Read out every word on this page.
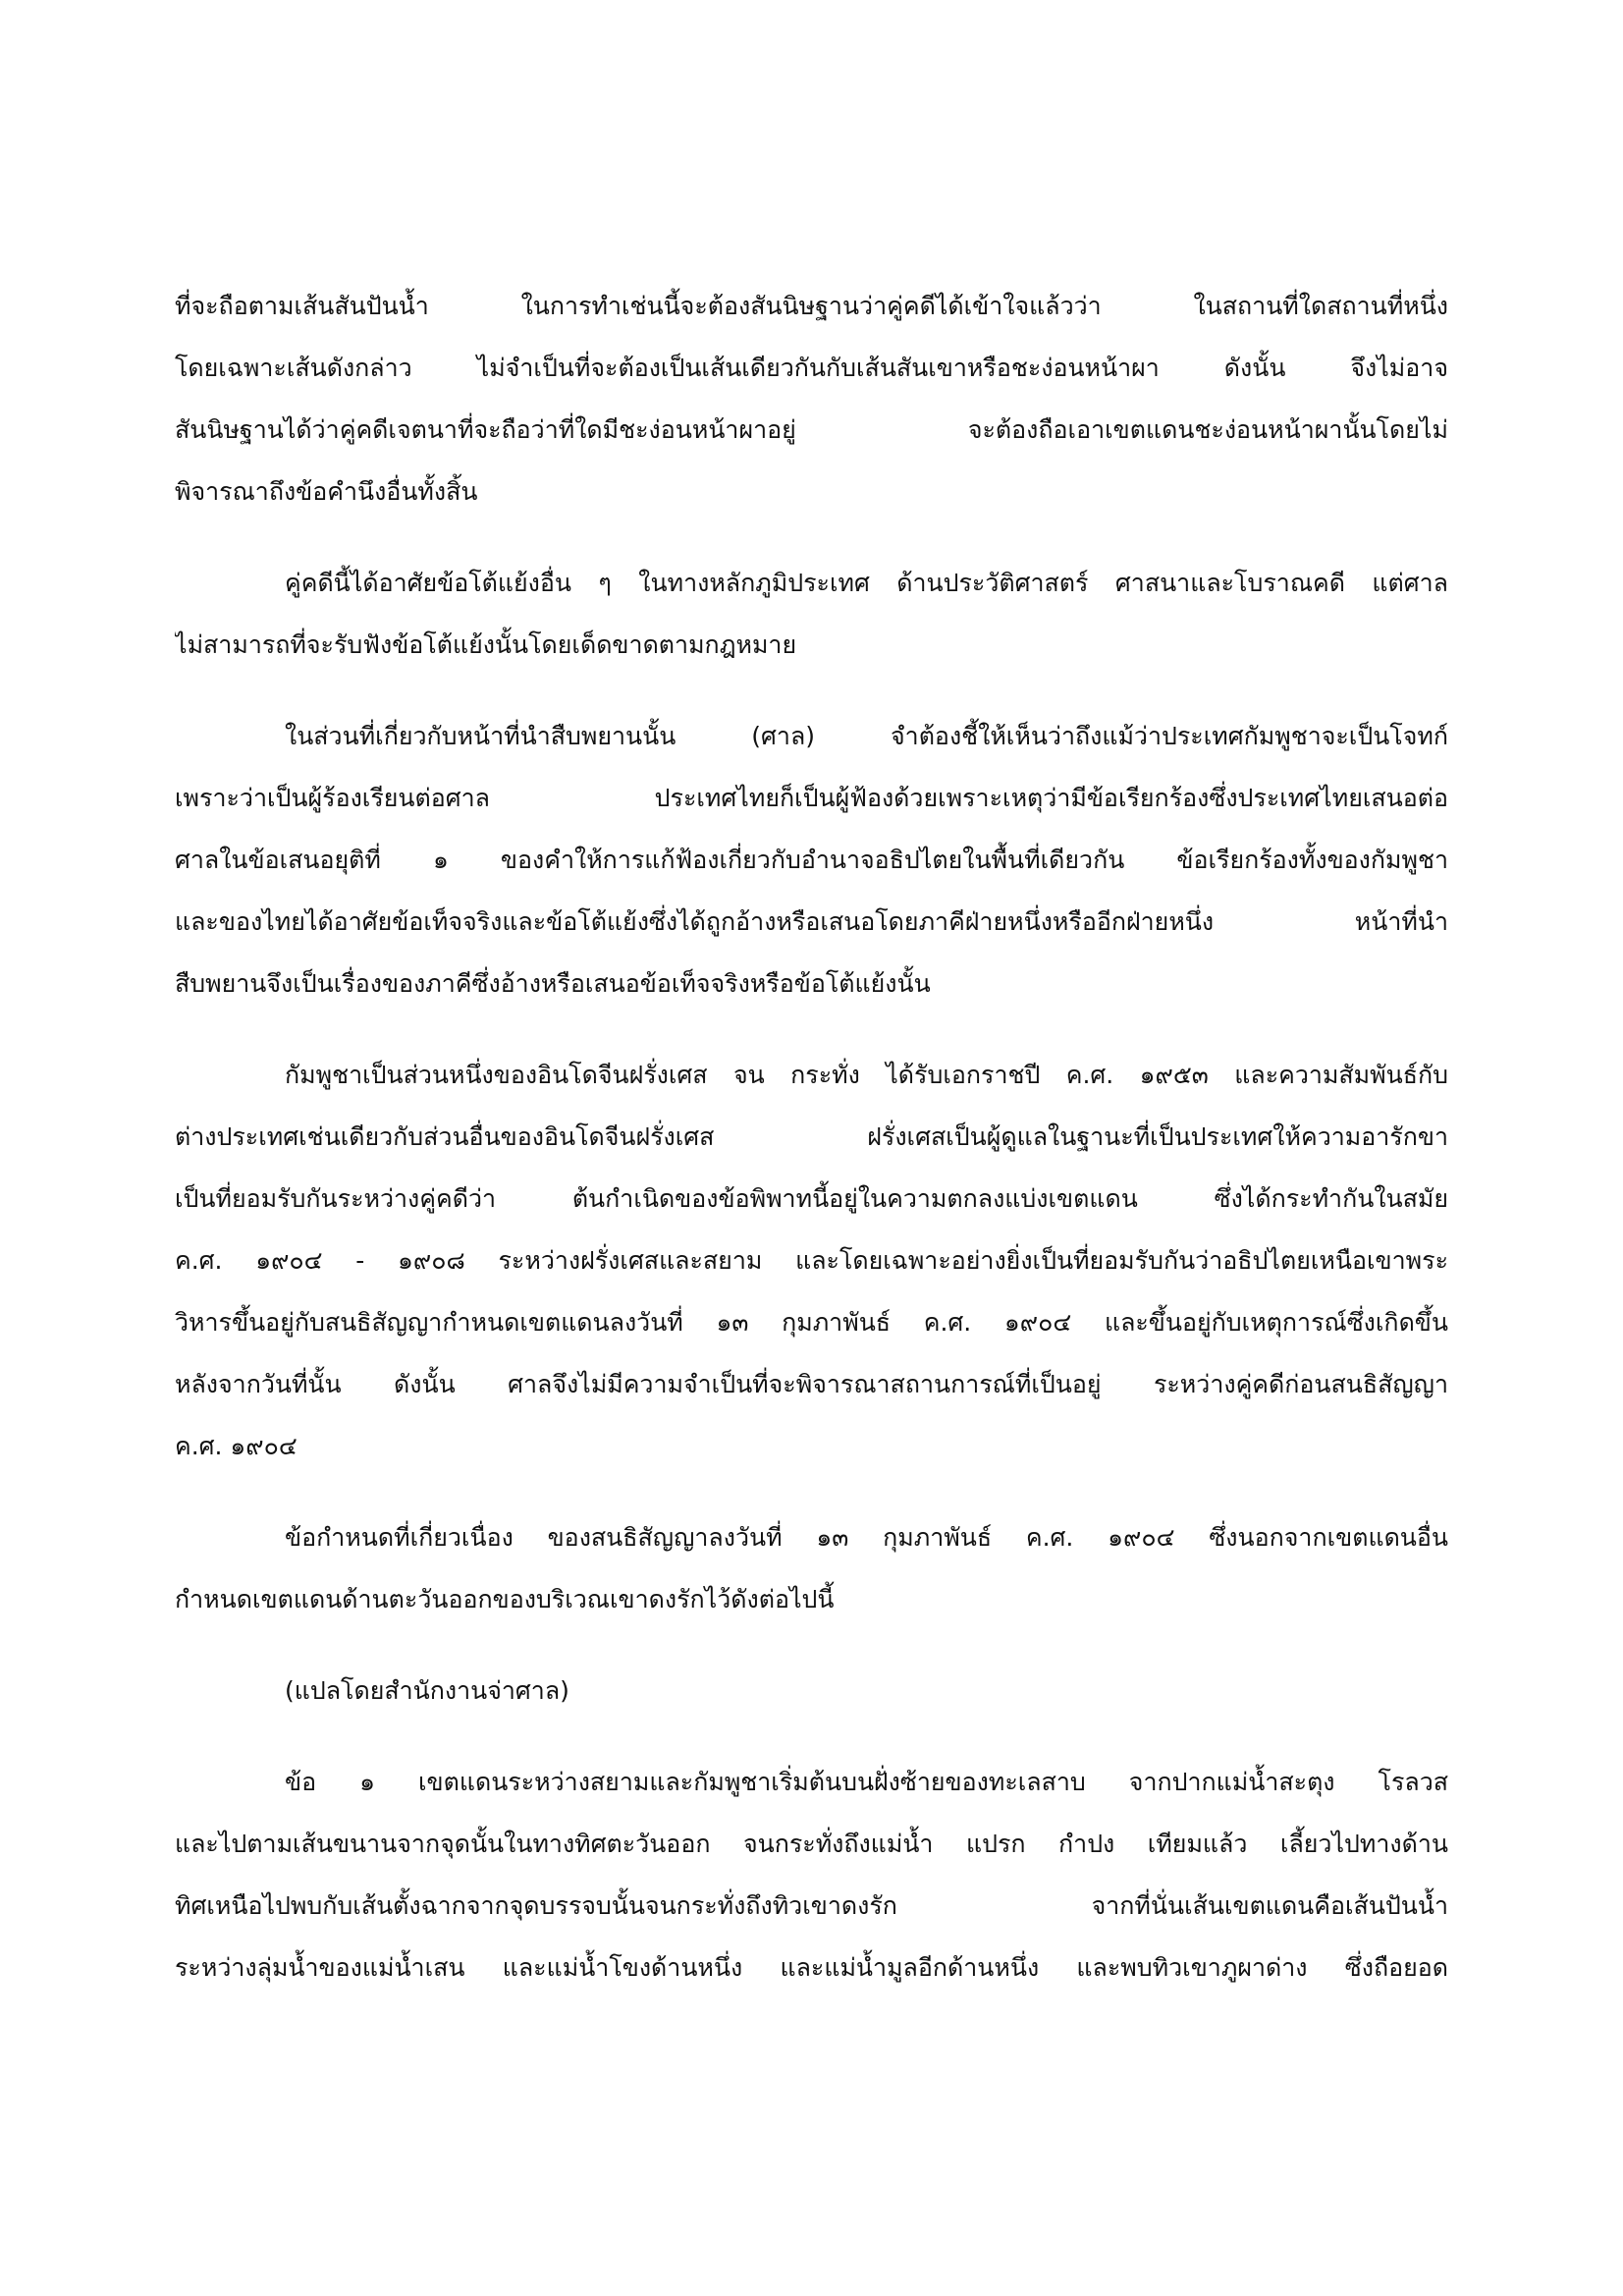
ที่จะถือตามเส้นสันปันน้ำ ในการทำเช่นนี้จะต้องสันนิษฐานว่าคู่คดีได้เข้าใจแล้วว่า ในสถานที่ใดสถานที่หนึ่ง
โดยเฉพาะเส้นดังกล่าว ไม่จำเป็นที่จะต้องเป็นเส้นเดียวกันกับเส้นสันเขาหรือชะง่อนหน้าผา ดังนั้น จึงไม่อาจ
สันนิษฐานได้ว่าคู่คดีเจตนาที่จะถือว่าที่ใดมีชะง่อนหน้าผาอยู่ จะต้องถือเอาเขตแดนชะง่อนหน้าผานั้นโดยไม่
พิจารณาถึงข้อคำนึงอื่นทั้งสิ้น
คู่คดีนี้ได้อาศัยข้อโต้แย้งอื่น ๆ ในทางหลักภูมิประเทศ ด้านประวัติศาสตร์ ศาสนาและโบราณคดี แต่ศาล
ไม่สามารถที่จะรับฟังข้อโต้แย้งนั้นโดยเด็ดขาดตามกฎหมาย
ในส่วนที่เกี่ยวกับหน้าที่นำสืบพยานนั้น (ศาล) จำต้องชี้ให้เห็นว่าถึงแม้ว่าประเทศกัมพูชาจะเป็นโจทก์
เพราะว่าเป็นผู้ร้องเรียนต่อศาล ประเทศไทยก็เป็นผู้ฟ้องด้วยเพราะเหตุว่ามีข้อเรียกร้องซึ่งประเทศไทยเสนอต่อ
ศาลในข้อเสนอยุติที่ ๑ ของคำให้การแก้ฟ้องเกี่ยวกับอำนาจอธิปไตยในพื้นที่เดียวกัน ข้อเรียกร้องทั้งของกัมพูชา
และของไทยได้อาศัยข้อเท็จจริงและข้อโต้แย้งซึ่งได้ถูกอ้างหรือเสนอโดยภาคีฝ่ายหนึ่งหรืออีกฝ่ายหนึ่ง หน้าที่นำ
สืบพยานจึงเป็นเรื่องของภาคีซึ่งอ้างหรือเสนอข้อเท็จจริงหรือข้อโต้แย้งนั้น
กัมพูชาเป็นส่วนหนึ่งของอินโดจีนฝรั่งเศส จน กระทั่ง ได้รับเอกราชปี ค.ศ. ๑๙๕๓ และความสัมพันธ์กับ
ต่างประเทศเช่นเดียวกับส่วนอื่นของอินโดจีนฝรั่งเศส ฝรั่งเศสเป็นผู้ดูแลในฐานะที่เป็นประเทศให้ความอารักขา
เป็นที่ยอมรับกันระหว่างคู่คดีว่า ต้นกำเนิดของข้อพิพาทนี้อยู่ในความตกลงแบ่งเขตแดน ซึ่งได้กระทำกันในสมัย
ค.ศ. ๑๙๐๔ - ๑๙๐๘ ระหว่างฝรั่งเศสและสยาม และโดยเฉพาะอย่างยิ่งเป็นที่ยอมรับกันว่าอธิปไตยเหนือเขาพระ
วิหารขึ้นอยู่กับสนธิสัญญากำหนดเขตแดนลงวันที่ ๑๓ กุมภาพันธ์ ค.ศ. ๑๙๐๔ และขึ้นอยู่กับเหตุการณ์ซึ่งเกิดขึ้น
หลังจากวันที่นั้น ดังนั้น ศาลจึงไม่มีความจำเป็นที่จะพิจารณาสถานการณ์ที่เป็นอยู่ ระหว่างคู่คดีก่อนสนธิสัญญา
ค.ศ. ๑๙๐๔
ข้อกำหนดที่เกี่ยวเนื่อง ของสนธิสัญญาลงวันที่ ๑๓ กุมภาพันธ์ ค.ศ. ๑๙๐๔ ซึ่งนอกจากเขตแดนอื่น
กำหนดเขตแดนด้านตะวันออกของบริเวณเขาดงรักไว้ดังต่อไปนี้
(แปลโดยสำนักงานจ่าศาล)
ข้อ ๑ เขตแดนระหว่างสยามและกัมพูชาเริ่มต้นบนฝั่งซ้ายของทะเลสาบ จากปากแม่น้ำสะตุง โรลวส
และไปตามเส้นขนานจากจุดนั้นในทางทิศตะวันออก จนกระทั่งถึงแม่น้ำ แปรก กำปง เทียมแล้ว เลี้ยวไปทางด้าน
ทิศเหนือไปพบกับเส้นตั้งฉากจากจุดบรรจบนั้นจนกระทั่งถึงทิวเขาดงรัก จากที่นั่นเส้นเขตแดนคือเส้นปันน้ำ
ระหว่างลุ่มน้ำของแม่น้ำเสน และแม่น้ำโขงด้านหนึ่ง และแม่น้ำมูลอีกด้านหนึ่ง และพบทิวเขาภูผาด่าง ซึ่งถือยอด
